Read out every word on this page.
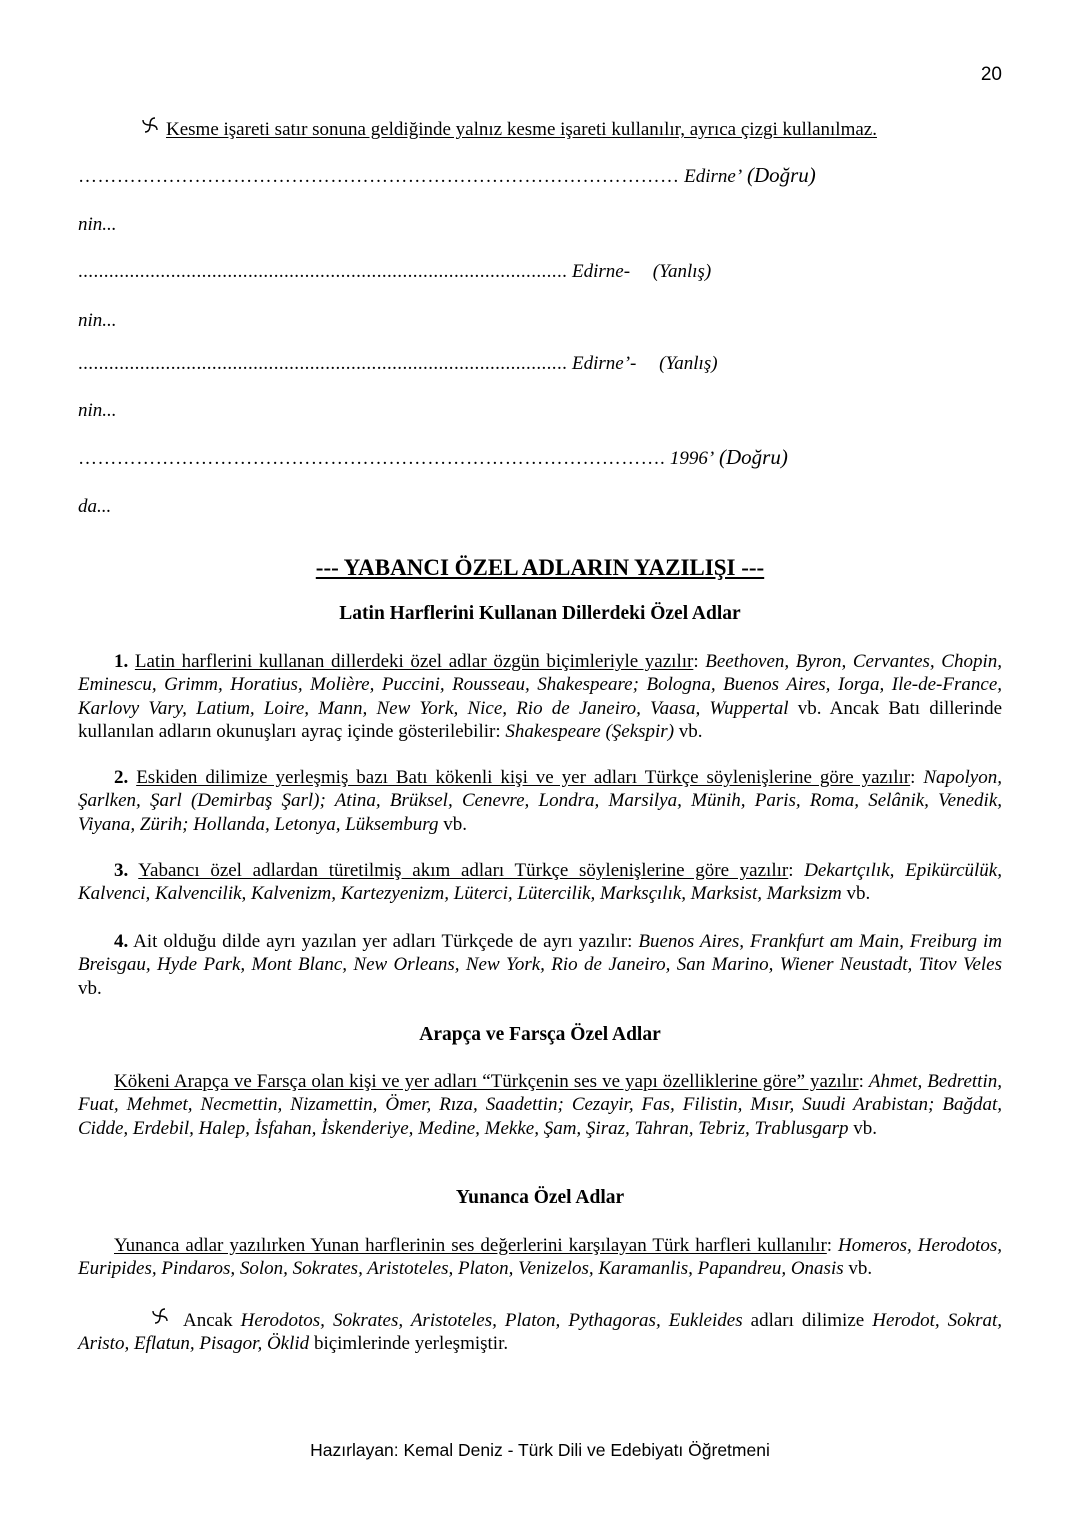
20
Kesme işareti satır sonuna geldiğinde yalnız kesme işareti kullanılır, ayrıca çizgi kullanılmaz.
………………………………………………………………………………… Edirne’ (Doğru)
nin...
............................................................................................... Edirne- (Yanlış)
nin...
............................................................................................... Edirne’- (Yanlış)
nin...
………………………………………………………………………………. 1996’ (Doğru)
da...
--- YABANCI ÖZEL ADLARIN YAZILIŞI ---
Latin Harflerini Kullanan Dillerdeki Özel Adlar

1. Latin harflerini kullanan dillerdeki özel adlar özgün biçimleriyle yazılır: Beethoven, Byron, Cervantes, Chopin, Eminescu, Grimm, Horatius, Molière, Puccini, Rousseau, Shakespeare; Bologna, Buenos Aires, Iorga, Ile-de-France, Karlovy Vary, Latium, Loire, Mann, New York, Nice, Rio de Janeiro, Vaasa, Wuppertal vb. Ancak Batı dillerinde kullanılan adların okunuşları ayraç içinde gösterilebilir: Shakespeare (Şekspir) vb.

2. Eskiden dilimize yerleşmiş bazı Batı kökenli kişi ve yer adları Türkçe söylenişlerine göre yazılır: Napolyon, Şarlken, Şarl (Demirbaş Şarl); Atina, Brüksel, Cenevre, Londra, Marsilya, Münih, Paris, Roma, Selânik, Venedik, Viyana, Zürih; Hollanda, Letonya, Lüksemburg vb.

3. Yabancı özel adlardan türetilmiş akım adları Türkçe söylenişlerine göre yazılır: Dekartçılık, Epikürcülük, Kalvenci, Kalvencilik, Kalvenizm, Kartezyenizm, Lüterci, Lütercilik, Marksçılık, Marksist, Marksizm vb.

4. Ait olduğu dilde ayrı yazılan yer adları Türkçede de ayrı yazılır: Buenos Aires, Frankfurt am Main, Freiburg im Breisgau, Hyde Park, Mont Blanc, New Orleans, New York, Rio de Janeiro, San Marino, Wiener Neustadt, Titov Veles vb.

Arapça ve Farsça Özel Adlar

Kökeni Arapça ve Farsça olan kişi ve yer adları “Türkçenin ses ve yapı özelliklerine göre” yazılır: Ahmet, Bedrettin, Fuat, Mehmet, Necmettin, Nizamettin, Ömer, Rıza, Saadettin; Cezayir, Fas, Filistin, Mısır, Suudi Arabistan; Bağdat, Cidde, Erdebil, Halep, İsfahan, İskenderiye, Medine, Mekke, Şam, Şiraz, Tahran, Tebriz, Trablusgarp vb.

Yunanca Özel Adlar

Yunanca adlar yazılırken Yunan harflerinin ses değerlerini karşılayan Türk harfleri kullanılır: Homeros, Herodotos, Euripides, Pindaros, Solon, Sokrates, Aristoteles, Platon, Venizelos, Karamanlis, Papandreu, Onasis vb.

Ancak Herodotos, Sokrates, Aristoteles, Platon, Pythagoras, Eukleides adları dilimize Herodot, Sokrat, Aristo, Eflatun, Pisagor, Öklid biçimlerinde yerleşmiştir.

Hazırlayan: Kemal Deniz - Türk Dili ve Edebiyatı Öğretmeni
